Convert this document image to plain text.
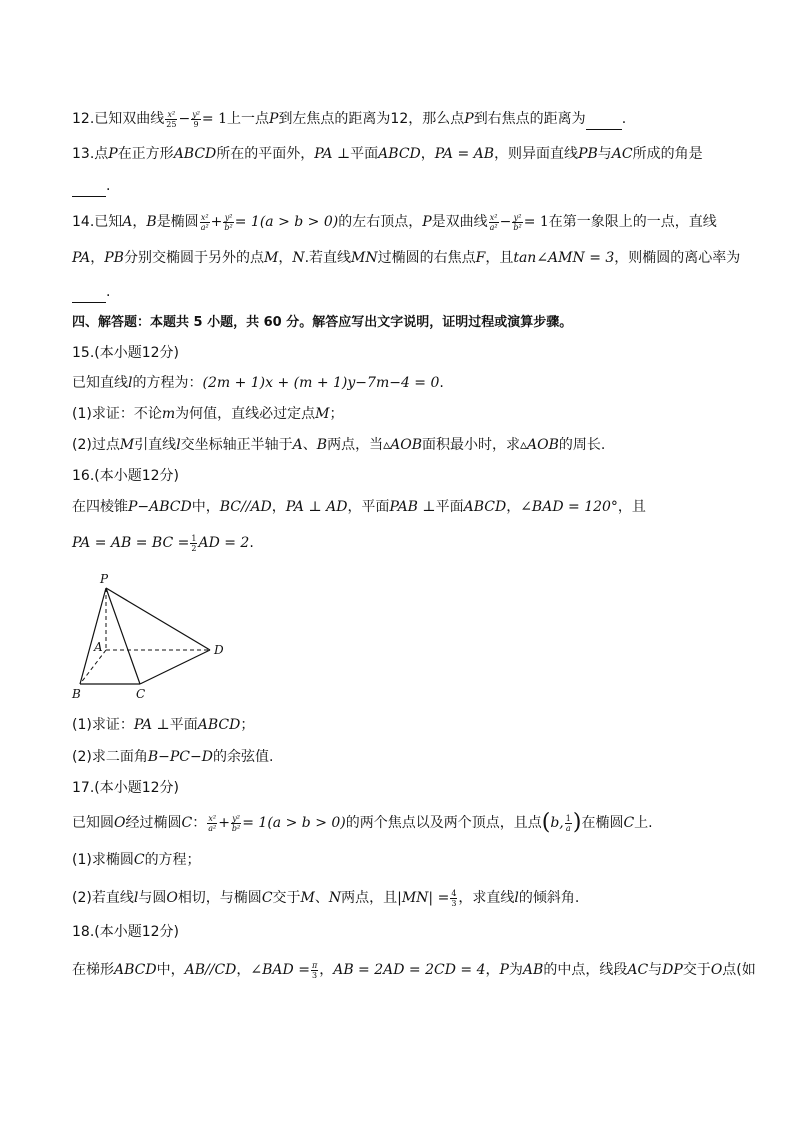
12.已知双曲线 $\frac{\text{x²}}{25} - \frac{\text{y²}}{9} = 1$上一点P到左焦点的距离为12，那么点P到右焦点的距离为	.
13.点P在正方形ABCD所在的平面外，PA ⊥平面ABCD，PA = AB，则异面直线PB与AC所成的角是
.
14.已知A，B是椭圆 $\frac{\text{x²}}{\text{a²}} + \frac{\text{y²}}{\text{b²}} = 1(a > b > 0)$的左右顶点，P是双曲线 $\frac{\text{x²}}{\text{a²}} - \frac{\text{y²}}{\text{b²}} = 1$在第一象限上的一点，直线
PA，PB分别交椭圆于另外的点M，N.若直线MN过椭圆的右焦点F，且tan∠AMN = 3，则椭圆的离心率为
.
四、解答题：本题共 5 小题，共 60 分。解答应写出文字说明，证明过程或演算步骤。
15.(本小题12分)
已知直线l的方程为：(2m + 1)x + (m + 1)y−7m−4 = 0.
(1)求证：不论m为何值，直线必过定点M；
(2)过点M引直线l交坐标轴正半轴于A、B两点，当▵AOB面积最小时，求▵AOB的周长.
16.(本小题12分)
在四棱锥P−ABCD中，BC//AD，PA ⊥ AD，平面PAB ⊥平面ABCD，∠BAD = 120°，且
PA = AB = BC = $\frac{1}{2}$ AD = 2.
P
A
B	C
D
(1)求证：PA ⊥平面ABCD；
(2)求二面角B−PC−D的余弦值.
17.(本小题12分)
已知圆O经过椭圆C： $\frac{\text{x²}}{\text{a²}} + \frac{\text{y²}}{\text{b²}} = 1(a > b > 0)$的两个焦点以及两个顶点，且点(b, $\frac{1}{a}$ )在椭圆C上.
(1)求椭圆C的方程；
(2)若直线l与圆O相切，与椭圆C交于M、N两点，且$|MN| = \frac{4}{3}$ ，求直线l的倾斜角.
18.(本小题12分)
在梯形ABCD中，AB//CD，∠BAD = $\frac{\pi}{3}$ ，AB = 2AD = 2CD = 4，P为AB的中点，线段AC与DP交于O点(如
